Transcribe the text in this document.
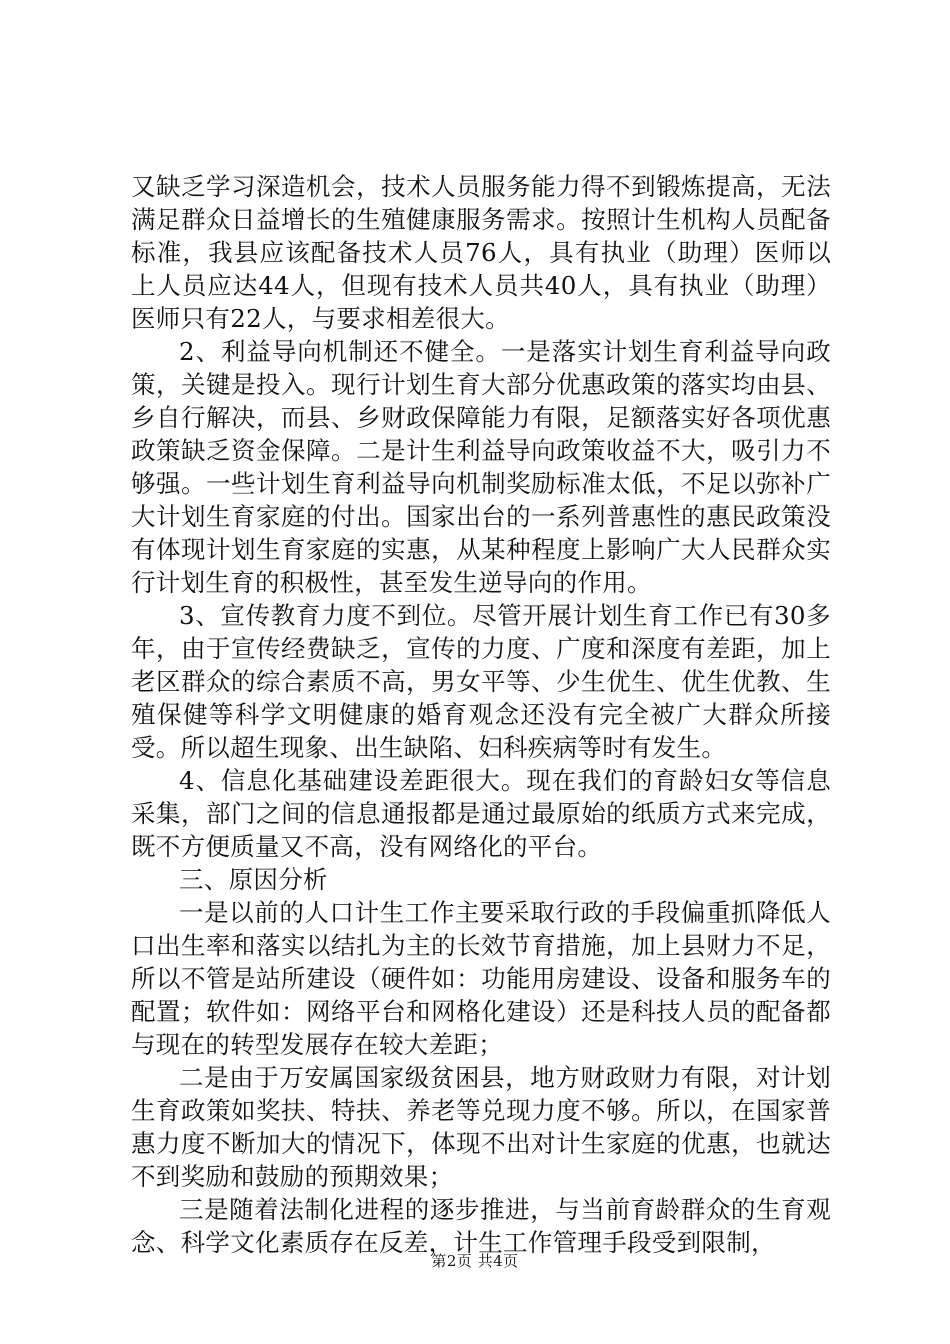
又缺乏学习深造机会，技术人员服务能力得不到锻炼提高，无法满足群众日益增长的生殖健康服务需求。按照计生机构人员配备标准，我县应该配备技术人员76人，具有执业（助理）医师以上人员应达44人，但现有技术人员共40人，具有执业（助理）医师只有22人，与要求相差很大。

2、利益导向机制还不健全。一是落实计划生育利益导向政策，关键是投入。现行计划生育大部分优惠政策的落实均由县、乡自行解决，而县、乡财政保障能力有限，足额落实好各项优惠政策缺乏资金保障。二是计生利益导向政策收益不大，吸引力不够强。一些计划生育利益导向机制奖励标准太低，不足以弥补广大计划生育家庭的付出。国家出台的一系列普惠性的惠民政策没有体现计划生育家庭的实惠，从某种程度上影响广大人民群众实行计划生育的积极性，甚至发生逆导向的作用。

3、宣传教育力度不到位。尽管开展计划生育工作已有30多年，由于宣传经费缺乏，宣传的力度、广度和深度有差距，加上老区群众的综合素质不高，男女平等、少生优生、优生优教、生殖保健等科学文明健康的婚育观念还没有完全被广大群众所接受。所以超生现象、出生缺陷、妇科疾病等时有发生。

4、信息化基础建设差距很大。现在我们的育龄妇女等信息采集，部门之间的信息通报都是通过最原始的纸质方式来完成，既不方便质量又不高，没有网络化的平台。

三、原因分析

一是以前的人口计生工作主要采取行政的手段偏重抓降低人口出生率和落实以结扎为主的长效节育措施，加上县财力不足，所以不管是站所建设（硬件如：功能用房建设、设备和服务车的配置；软件如：网络平台和网格化建设）还是科技人员的配备都与现在的转型发展存在较大差距；

二是由于万安属国家级贫困县，地方财政财力有限，对计划生育政策如奖扶、特扶、养老等兑现力度不够。所以，在国家普惠力度不断加大的情况下，体现不出对计生家庭的优惠，也就达不到奖励和鼓励的预期效果；

三是随着法制化进程的逐步推进，与当前育龄群众的生育观念、科学文化素质存在反差，计生工作管理手段受到限制，

第2页 共4页
